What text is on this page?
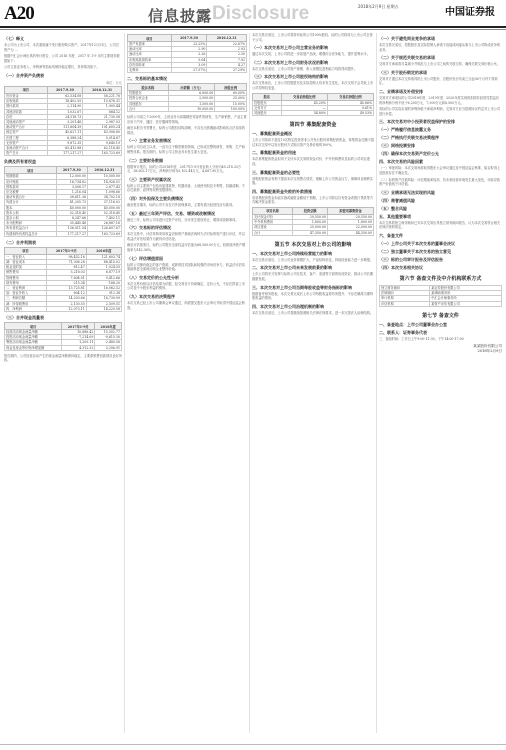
A20	信息披露 Disclosure	2018年2月9日 星期五
中国证券报
（七）释义

本公司为上市公司，本次重组属于发行股份购买资产，2017年12月31日，公司总资产为 …

根据中汇会计师出具的审计报告，公司 2016 年度、2017 年 1-9 月的主要财务数据如下：

公司主营业务收入、净利润等指标均保持稳定增长，具体情况如下。

（一）合并资产负债表
单位：万元
项目	2017.9.30	2016.12.31
货币资金	62,534.08	58,221.76
应收账款	18,402.55	15,876.31
预付款项	2,114.90	1,905.44
其他应收款	1,032.67	884.12
存货	24,518.73	21,730.58
其他流动资产	3,201.46	2,987.03
流动资产合计	111,804.39	101,605.24
固定资产	45,627.11	43,906.80
在建工程	6,388.24	5,014.67
无形资产	9,872.35	9,640.19
非流动资产合计	65,412.88	62,118.45
资产总计	177,217.27	163,723.69
负债及所有者权益
项目	2017.9.30	2016.12.31
短期借款	12,000.00	10,500.00
应付账款	16,734.82	14,926.51
预收款项	3,508.17	2,877.43
应交税费	1,216.04	1,098.66
流动负债合计	38,611.36	34,702.18
负债合计	41,205.73	37,116.02
股本	40,000.00	40,000.00
资本公积	52,318.40	52,318.40
盈余公积	8,247.66	7,402.11
未分配利润	35,445.48	26,887.16
所有者权益合计	136,011.54	126,607.67
负债和所有者权益总计	177,217.27	163,723.69
（二）合并利润表
项目	2017年1-9月	2016年度
一、营业收入	98,452.16	121,603.74
减：营业成本	71,306.28	88,415.02
税金及附加	812.47	1,024.55
销售费用	5,218.03	6,877.19
管理费用	7,604.91	9,412.66
财务费用	-215.34	-188.20
二、营业利润	13,725.81	16,062.52
加：营业外收入	604.12	912.38
三、利润总额	14,203.66	16,730.09
减：所得税费用	2,130.55	2,509.51
四、净利润	12,073.11	14,220.58
（三）合并现金流量表
项目	2017年1-9月	2016年度
经营活动现金流量净额	10,886.42	15,302.77
投资活动现金流量净额	-7,214.09	-9,615.30
筹资活动现金流量净额	1,205.11	-2,480.56
现金及现金等价物净增加额	4,312.32	3,206.91

报告期内，公司经营活动产生的现金流量净额保持稳定，主要系销售回款情况良好所致。

项目	2017.9.30	2016.12.31
资产负债率	23.25%	22.67%
流动比率	2.90	2.93
速动比率	2.26	2.30
应收账款周转率	5.64	7.92
存货周转率	3.09	4.27
毛利率	27.57%	27.29%
二、交易标的基本情况
股东名称	出资额（万元）	持股比例
控股股东	6,000.00	60.00%
投资合伙企业	2,500.00	25.00%
其他股东	1,500.00	15.00%
合计	10,000.00	100.00%

标的公司成立于2009年，主营业务为高端精密零部件的研发、生产和销售，产品主要应用于汽车、通信、医疗器械等领域。

截至本报告书签署日，标的公司股权结构清晰，不存在出资瑕疵或影响其合法存续的情况。

（一）主营业务发展情况

标的公司自设立以来，一直专注于精密制造领域，已形成完整的研发、采购、生产和销售体系。报告期内，标的公司主营业务未发生重大变化。

（二）主要财务数据

根据审计报告，标的公司2016年度、2017年1-9月营业收入分别为45,218.33万元、38,602.17万元，净利润分别为5,102.44万元、4,687.90万元。

（三）主要资产权属状况

标的公司主要资产包括房屋建筑物、机器设备、土地使用权及专利等，权属清晰，不存在抵押、质押等权利受限情形。

（四）对外担保及主要负债情况

截至报告期末，标的公司不存在对外担保事项，主要负债为经营性应付款项。

（五）最近三年资产评估、交易、增资或改制情况

最近三年，标的公司未进行过资产评估，亦未发生股权转让、增资或改制事项。

（六）交易标的评估情况

本次交易中，评估机构采用收益法和资产基础法两种方法对标的资产进行评估，并以收益法评估结果作为最终评估结论。

截至评估基准日，标的公司股东全部权益评估值为68,500.00万元，较账面净资产增值率为142.36%。

（七）评估增值原因

标的公司拥有稳定的客户资源、成熟的技术团队和较强的市场竞争力，收益法评估结果能够更全面地反映企业整体价值。

（八）交易定价的公允性分析

本次交易价格以评估结果为依据，经交易各方协商确定，定价公允，不存在损害上市公司及中小股东利益的情形。

（九）本次交易的决策程序

本次交易已经上市公司董事会审议通过，尚需提交股东大会审议并取得中国证监会核准。

本次交易完成后，上市公司将持有标的公司100%股权，标的公司将成为上市公司全资子公司。

（一）本次交易对上市公司主营业务的影响

通过本次交易，上市公司将进一步拓展产品线，增强综合竞争能力，提升盈利水平。

（二）本次交易对上市公司财务状况的影响

本次交易完成后，上市公司资产规模、收入规模及盈利能力均将得到提升。

（三）本次交易对上市公司股权结构的影响

本次交易前后，上市公司控股股东及实际控制人均未发生变化，本次交易不会导致上市公司控制权变更。

股东	交易前持股比例	交易后持股比例
控股股东	45.20%	40.86%
交易对方	—	9.61%
其他股东	54.80%	49.53%
第四节 募集配套资金

一、募集配套资金概况

上市公司拟向不超过10名特定投资者非公开发行股份募集配套资金，募集资金总额不超过本次交易中以发行股份方式购买资产交易价格的100%。

二、募集配套资金的用途

本次募集配套资金拟用于支付本次交易的现金对价、中介机构费用及标的公司项目建设。

三、募集配套资金的必要性

募集配套资金有利于提高本次交易整合绩效，缓解上市公司资金压力，保障项目顺利实施。

四、募集配套资金失败的补救措施

若募集配套资金未能实施或融资金额低于预期，上市公司将以自有资金或银行贷款等方式解决资金需求。

项目名称	投资总额	拟使用募集资金
支付现金对价	20,550.00	20,550.00
中介机构费用	1,800.00	1,800.00
项目建设	25,000.00	22,000.00
合计	47,350.00	44,350.00
第五节 本次交易对上市公司的影响

一、本次交易对上市公司持续经营能力的影响

本次交易完成后，上市公司业务规模扩大，产品结构优化，持续经营能力进一步增强。

二、本次交易对上市公司未来发展前景的影响

上市公司将充分发挥与标的公司在技术、客户、渠道等方面的协同效应，推动公司长期健康发展。

三、本次交易对上市公司当期每股收益等财务指标的影响

根据备考财务报表，本次交易完成后上市公司每股收益将有所提升，不存在摊薄当期每股收益的情形。

四、本次交易对上市公司治理机制的影响

本次交易完成后，上市公司将继续按照相关法律法规要求，进一步完善法人治理结构。

（一）关于避免同业竞争的承诺

本次交易完成后，控股股东及实际控制人承诺不直接或间接从事与上市公司构成竞争的业务。

（二）关于规范关联交易的承诺

交易对方承诺将尽量减少并规范与上市公司之间的关联交易，确保关联交易价格公允。

（三）关于股份锁定的承诺

交易对方通过本次交易取得的上市公司股份，自股份发行结束之日起36个月内不得转让。

二、业绩承诺及补偿安排

交易对方承诺标的公司2018年度、2019年度、2020年度实现的扣除非经常性损益后的净利润分别不低于6,200万元、7,300万元和8,500万元。

若标的公司实际实现的净利润低于承诺净利润，交易对方应当按照协议约定对上市公司进行补偿。

三、本次交易对中小投资者权益保护的安排

（一）严格履行信息披露义务

（二）严格执行关联交易决策程序

（三）网络投票安排

（四）确保本次交易资产定价公允

四、本次交易的风险因素

（一）审批风险：本次交易尚需取得股东大会审议通过及中国证监会核准，能否取得上述批准存在不确定性。

（二）标的资产估值风险：评估增值率较高，若未来经营环境发生重大变化，可能导致资产价值低于评估值。

（三）业绩承诺无法实现的风险

（四）商誉减值风险

（五）整合风险

五、其他重要事项

本次交易的独立财务顾问已对本次交易出具独立财务顾问报告，认为本次交易符合相关法律法规的规定。

六、备查文件

（一）上市公司关于本次交易的董事会决议

（二）独立董事关于本次交易的独立意见

（三）标的公司审计报告及评估报告

（四）本次交易相关协议

第六节 备查文件及中介机构联系方式
独立财务顾问	某证券股份有限公司
法律顾问	某律师事务所
审计机构	中汇会计师事务所
评估机构	某资产评估有限公司
第七节 备查文件

一、备查地点：上市公司董事会办公室

二、联系人：证券事务代表

三、查阅时间：工作日上午9:00-11:30，下午14:00-17:00

某某股份有限公司
2018年2月9日
